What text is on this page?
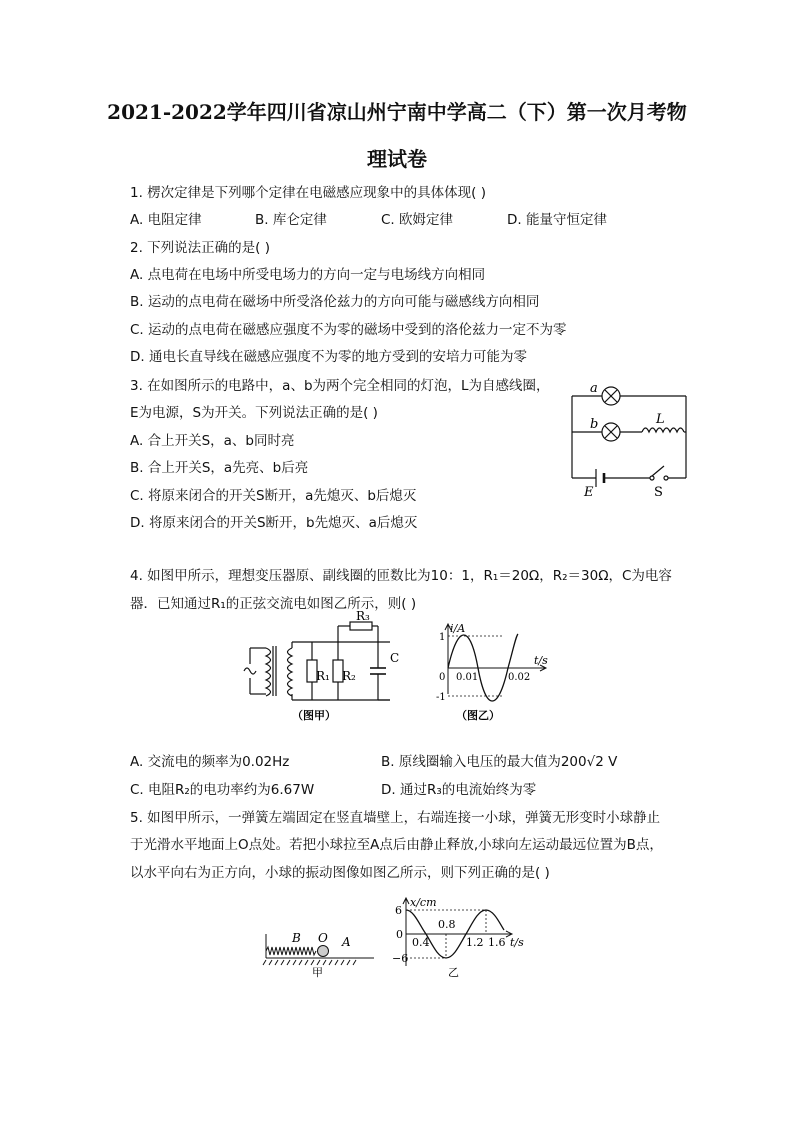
2021-2022学年四川省凉山州宁南中学高二（下）第一次月考物
理试卷
1. 楞次定律是下列哪个定律在电磁感应现象中的具体体现( )
A. 电阻定律	B. 库仑定律	C. 欧姆定律	D. 能量守恒定律
2. 下列说法正确的是( )
A. 点电荷在电场中所受电场力的方向一定与电场线方向相同
B. 运动的点电荷在磁场中所受洛伦兹力的方向可能与磁感线方向相同
C. 运动的点电荷在磁感应强度不为零的磁场中受到的洛伦兹力一定不为零
D. 通电长直导线在磁感应强度不为零的地方受到的安培力可能为零
3. 在如图所示的电路中，a、b为两个完全相同的灯泡，L为自感线圈，
E为电源，S为开关。下列说法正确的是( )
A. 合上开关S，a、b同时亮
B. 合上开关S，a先亮、b后亮
C. 将原来闭合的开关S断开，a先熄灭、b后熄灭
D. 将原来闭合的开关S断开，b先熄灭、a后熄灭
a
b	L
E	S
4. 如图甲所示，理想变压器原、副线圈的匝数比为10：1，R₁＝20Ω，R₂＝30Ω，C为电容
器．已知通过R₁的正弦交流电如图乙所示，则( )
R₁ R₂
R₃
C
（图甲）
i/A
t/s
1
-1
0 0.01	0.02
（图乙）
A. 交流电的频率为0.02Hz	B. 原线圈输入电压的最大值为200√2 V
C. 电阻R₂的电功率约为6.67W	D. 通过R₃的电流始终为零
5. 如图甲所示，一弹簧左端固定在竖直墙壁上，右端连接一小球，弹簧无形变时小球静止
于光滑水平地面上O点处。若把小球拉至A点后由静止释放,小球向左运动最远位置为B点，
以水平向右为正方向，小球的振动图像如图乙所示，则下列正确的是( )
B O A
甲
x/cm
t/s
6
−6
0
0.4
0.8
1.2 1.6
乙
